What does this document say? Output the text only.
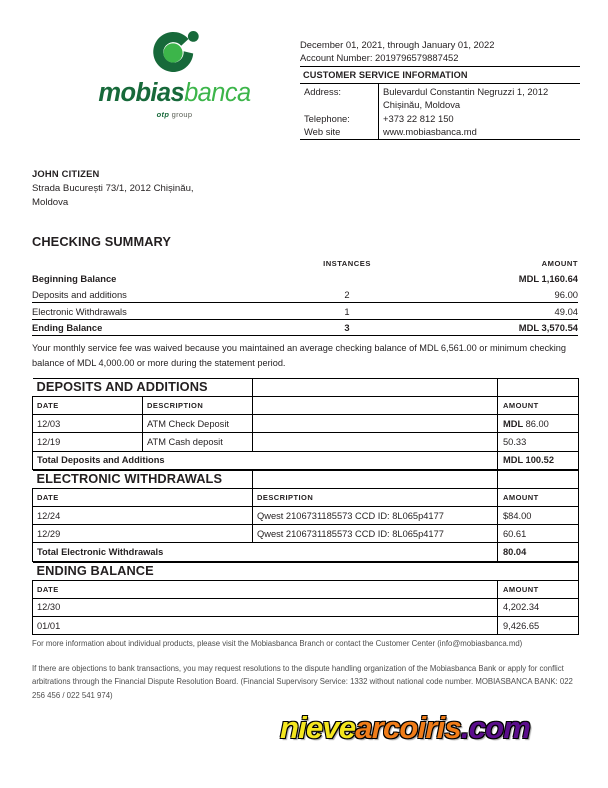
mobiasbanca
otp group
December 01, 2021, through January 01, 2022
Account Number: 2019796579887452
CUSTOMER SERVICE INFORMATION
Address:	Bulevardul Constantin Negruzzi 1, 2012
Chișinău, Moldova
Telephone:	+373 22 812 150
Web site	www.mobiasbanca.md
JOHN CITIZEN
Strada București 73/1, 2012 Chișinău,
Moldova
CHECKING SUMMARY
	INSTANCES		AMOUNT
Beginning Balance			MDL 1,160.64
Deposits and additions	2		96.00
Electronic Withdrawals	1		49.04
Ending Balance	3		MDL 3,570.54
Your monthly service fee was waived because you maintained an average checking balance of MDL 6,561.00 or minimum checking balance of MDL 4,000.00 or more during the statement period.
DEPOSITS AND ADDITIONS			
DATE	DESCRIPTION		AMOUNT
12/03	ATM Check Deposit		MDL 86.00
12/19	ATM Cash deposit		50.33
Total Deposits and Additions			MDL 100.52
ELECTRONIC WITHDRAWALS		
DATE	DESCRIPTION	AMOUNT
12/24	Qwest 2106731185573 CCD ID: 8L065p4177	$84.00
12/29	Qwest 2106731185573 CCD ID: 8L065p4177	60.61
Total Electronic Withdrawals		80.04
ENDING BALANCE	
DATE	AMOUNT
12/30	4,202.34
01/01	9,426.65

For more information about individual products, please visit the Mobiasbanca Branch or contact the Customer Center (info@mobiasbanca.md)

If there are objections to bank transactions, you may request resolutions to the dispute handling organization of the Mobiasbanca Bank or apply for conflict arbitrations through the Financial Dispute Resolution Board. (Financial Supervisory Service: 1332 without national code number. MOBIASBANCA BANK: 022 256 456 / 022 541 974)

nievearcoiris.com
